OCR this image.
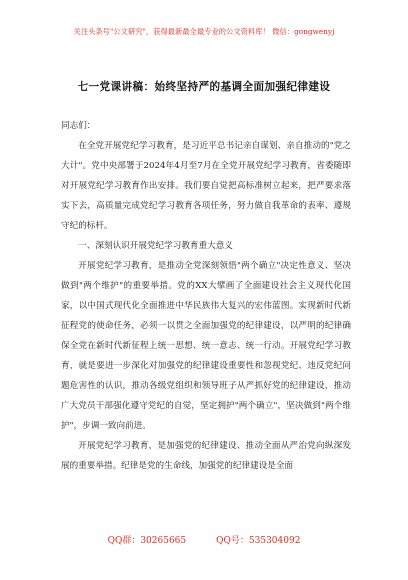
关注头条号"公文研究"，获得最新最全最专业的公文资料库！ 微信：gongwenyj
七一党课讲稿：始终坚持严的基调全面加强纪律建设

同志们：

在全党开展党纪学习教育，是习近平总书记亲自谋划、亲自推动的"党之大计"。党中央部署于2024年4月至7月在全党开展党纪学习教育，省委随即对开展党纪学习教育作出安排。我们要自觉把高标准树立起来，把严要求落实下去，高质量完成党纪学习教育各项任务，努力做自我革命的表率、遵规守纪的标杆。

一、深刻认识开展党纪学习教育重大意义

开展党纪学习教育，是推动全党深刻领悟"两个确立"决定性意义、坚决做到"两个维护"的重要举措。党的XX大擘画了全面建设社会主义现代化国家，以中国式现代化全面推进中华民族伟大复兴的宏伟蓝图。实现新时代新征程党的使命任务，必须一以贯之全面加强党的纪律建设，以严明的纪律确保全党在新时代新征程上统一思想、统一意志、统一行动。开展党纪学习教育，就是要进一步深化对加强党的纪律建设重要性和忽视党纪、违反党纪问题危害性的认识，推动各级党组织和领导班子从严抓好党的纪律建设，推动广大党员干部强化遵守党纪的自觉，坚定拥护"两个确立"，坚决做到"两个维护"，步调一致向前进。

开展党纪学习教育，是加强党的纪律建设、推动全面从严治党向纵深发展的重要举措。纪律是党的生命线，加强党的纪律建设是全面

QQ群：30265665	QQ号：535304092
